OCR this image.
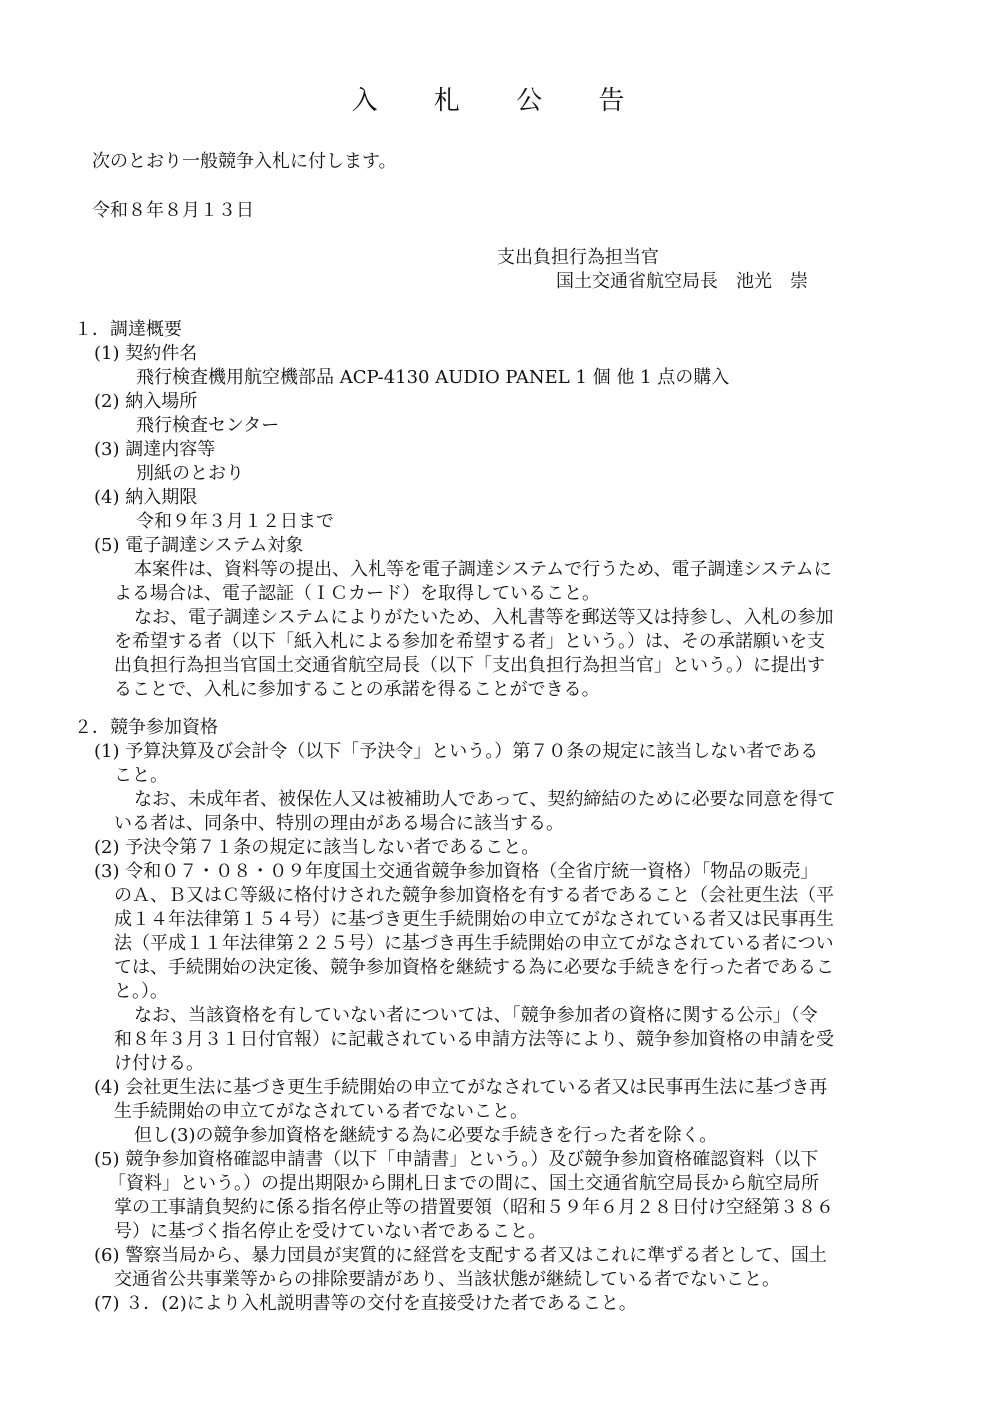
入 札 公 告
次のとおり一般競争入札に付します。
令和８年８月１３日
支出負担行為担当官
国土交通省航空局長　池光　崇
１．調達概要
(1) 契約件名
飛行検査機用航空機部品 ACP-4130 AUDIO PANEL 1 個 他 1 点の購入
(2) 納入場所
飛行検査センター
(3) 調達内容等
別紙のとおり
(4) 納入期限
令和９年３月１２日まで
(5) 電子調達システム対象
本案件は、資料等の提出、入札等を電子調達システムで行うため、電子調達システムに
よる場合は、電子認証（ＩＣカード）を取得していること。
なお、電子調達システムによりがたいため、入札書等を郵送等又は持参し、入札の参加
を希望する者（以下「紙入札による参加を希望する者」という。）は、その承諾願いを支
出負担行為担当官国土交通省航空局長（以下「支出負担行為担当官」という。）に提出す
ることで、入札に参加することの承諾を得ることができる。
２．競争参加資格
(1) 予算決算及び会計令（以下「予決令」という。）第７０条の規定に該当しない者である
こと。
なお、未成年者、被保佐人又は被補助人であって、契約締結のために必要な同意を得て
いる者は、同条中、特別の理由がある場合に該当する。
(2) 予決令第７１条の規定に該当しない者であること。
(3) 令和０７・０８・０９年度国土交通省競争参加資格（全省庁統一資格）「物品の販売」
のＡ、Ｂ又はＣ等級に格付けされた競争参加資格を有する者であること（会社更生法（平
成１４年法律第１５４号）に基づき更生手続開始の申立てがなされている者又は民事再生
法（平成１１年法律第２２５号）に基づき再生手続開始の申立てがなされている者につい
ては、手続開始の決定後、競争参加資格を継続する為に必要な手続きを行った者であるこ
と。）。
なお、当該資格を有していない者については、「競争参加者の資格に関する公示」（令
和８年３月３１日付官報）に記載されている申請方法等により、競争参加資格の申請を受
け付ける。
(4) 会社更生法に基づき更生手続開始の申立てがなされている者又は民事再生法に基づき再
生手続開始の申立てがなされている者でないこと。
但し(3)の競争参加資格を継続する為に必要な手続きを行った者を除く。
(5) 競争参加資格確認申請書（以下「申請書」という。）及び競争参加資格確認資料（以下
「資料」という。）の提出期限から開札日までの間に、国土交通省航空局長から航空局所
掌の工事請負契約に係る指名停止等の措置要領（昭和５９年６月２８日付け空経第３８６
号）に基づく指名停止を受けていない者であること。
(6) 警察当局から、暴力団員が実質的に経営を支配する者又はこれに準ずる者として、国土
交通省公共事業等からの排除要請があり、当該状態が継続している者でないこと。
(7) ３．(2)により入札説明書等の交付を直接受けた者であること。
